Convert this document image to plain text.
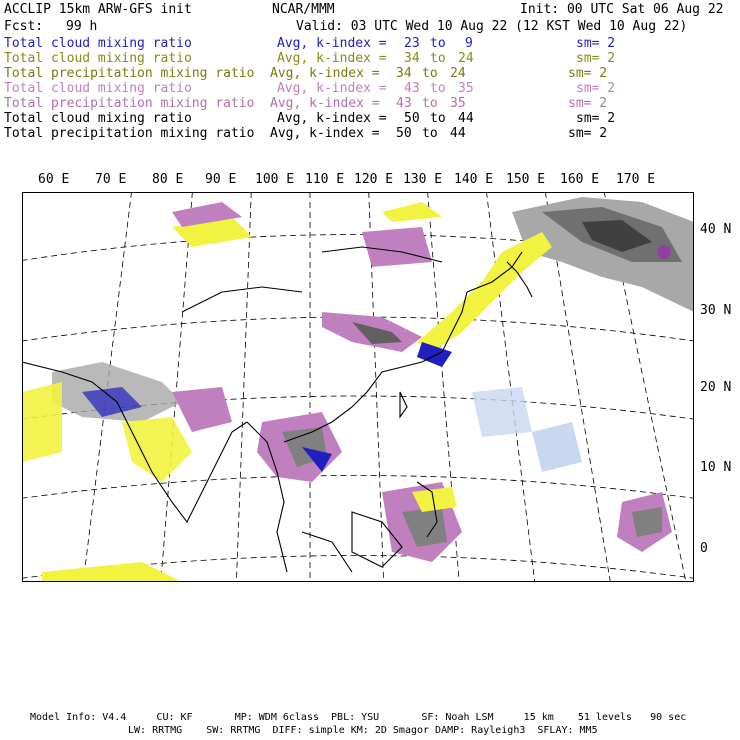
ACCLIP 15km ARW-GFS init	NCAR/MMM	Init: 00 UTC Sat 06 Aug 22
Fcst: 99 h	Valid: 03 UTC Wed 10 Aug 22 (12 KST Wed 10 Aug 22)
Total cloud mixing ratio	Avg, k-index = 23 to 9	sm= 2
Total cloud mixing ratio	Avg, k-index = 34 to 24	sm= 2
Total precipitation mixing ratio Avg, k-index = 34 to 24	sm= 2
Total cloud mixing ratio	Avg, k-index = 43 to 35	sm= 2
Total precipitation mixing ratio Avg, k-index = 43 to 35	sm= 2
Total cloud mixing ratio	Avg, k-index = 50 to 44	sm= 2
Total precipitation mixing ratio Avg, k-index = 50 to 44	sm= 2
60 E 70 E 80 E 90 E 100 E 110 E 120 E 130 E 140 E 150 E 160 E 170 E
40 N
30 N
20 N
10 N
0
Model Info: V4.4     CU: KF       MP: WDM 6class  PBL: YSU       SF: Noah LSM     15 km    51 levels   90 sec
LW: RRTMG    SW: RRTMG  DIFF: simple KM: 2D Smagor DAMP: Rayleigh3  SFLAY: MM5
